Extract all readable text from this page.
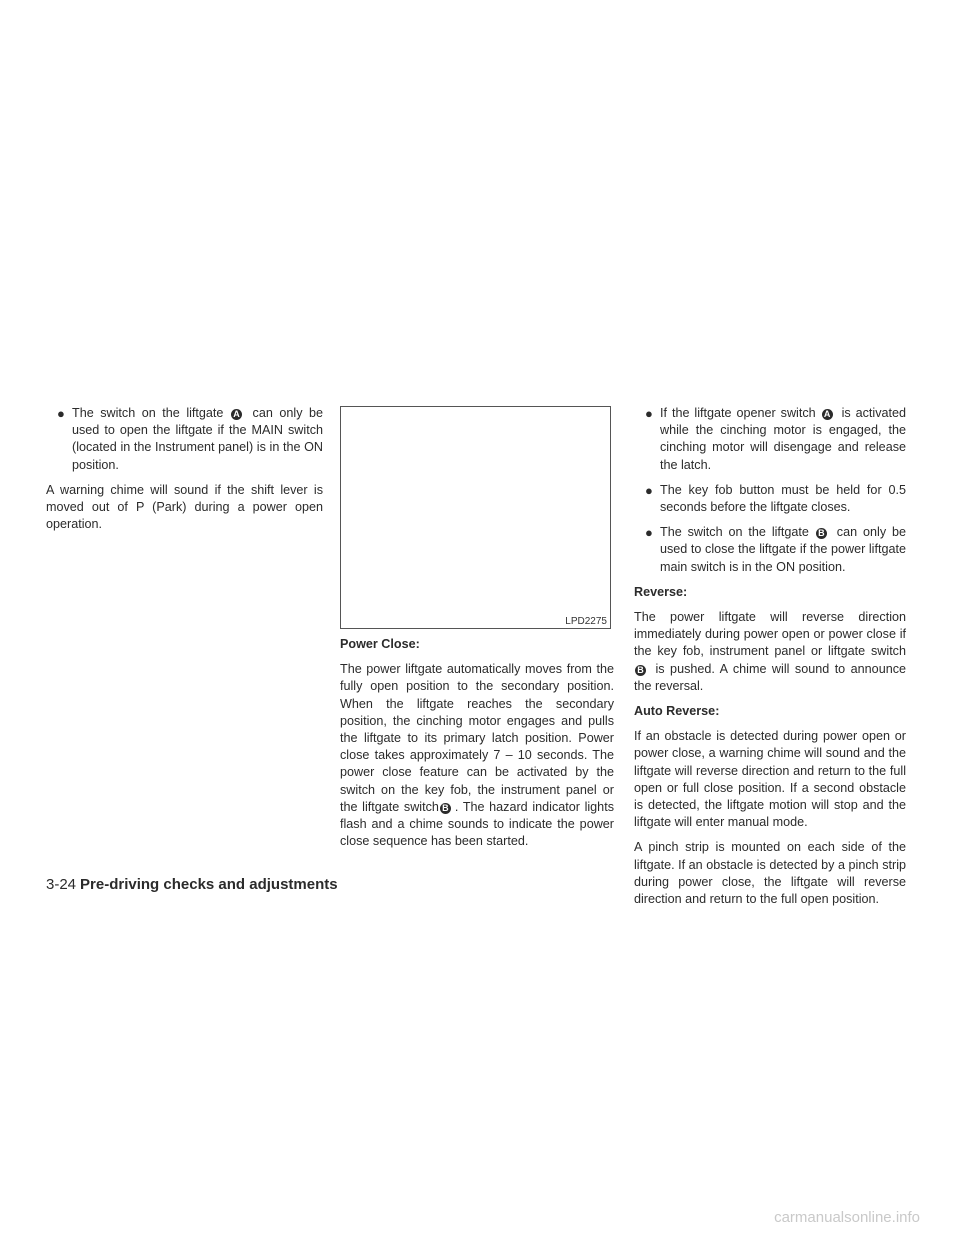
● The switch on the liftgate A can only be used to open the liftgate if the MAIN switch (located in the Instrument panel) is in the ON position.

A warning chime will sound if the shift lever is moved out of P (Park) during a power open operation.

LPD2275

Power Close:

The power liftgate automatically moves from the fully open position to the secondary position. When the liftgate reaches the secondary position, the cinching motor engages and pulls the liftgate to its primary latch position. Power close takes approximately 7 – 10 seconds. The power close feature can be activated by the switch on the key fob, the instrument panel or the liftgate switch B . The hazard indicator lights flash and a chime sounds to indicate the power close sequence has been started.

● If the liftgate opener switch A is activated while the cinching motor is engaged, the cinching motor will disengage and release the latch.
● The key fob button must be held for 0.5 seconds before the liftgate closes.
● The switch on the liftgate B can only be used to close the liftgate if the power liftgate main switch is in the ON position.

Reverse:

The power liftgate will reverse direction immediately during power open or power close if the key fob, instrument panel or liftgate switch B is pushed. A chime will sound to announce the reversal.

Auto Reverse:

If an obstacle is detected during power open or power close, a warning chime will sound and the liftgate will reverse direction and return to the full open or full close position. If a second obstacle is detected, the liftgate motion will stop and the liftgate will enter manual mode.

A pinch strip is mounted on each side of the liftgate. If an obstacle is detected by a pinch strip during power close, the liftgate will reverse direction and return to the full open position.

3-24 Pre-driving checks and adjustments
carmanualsonline.info
